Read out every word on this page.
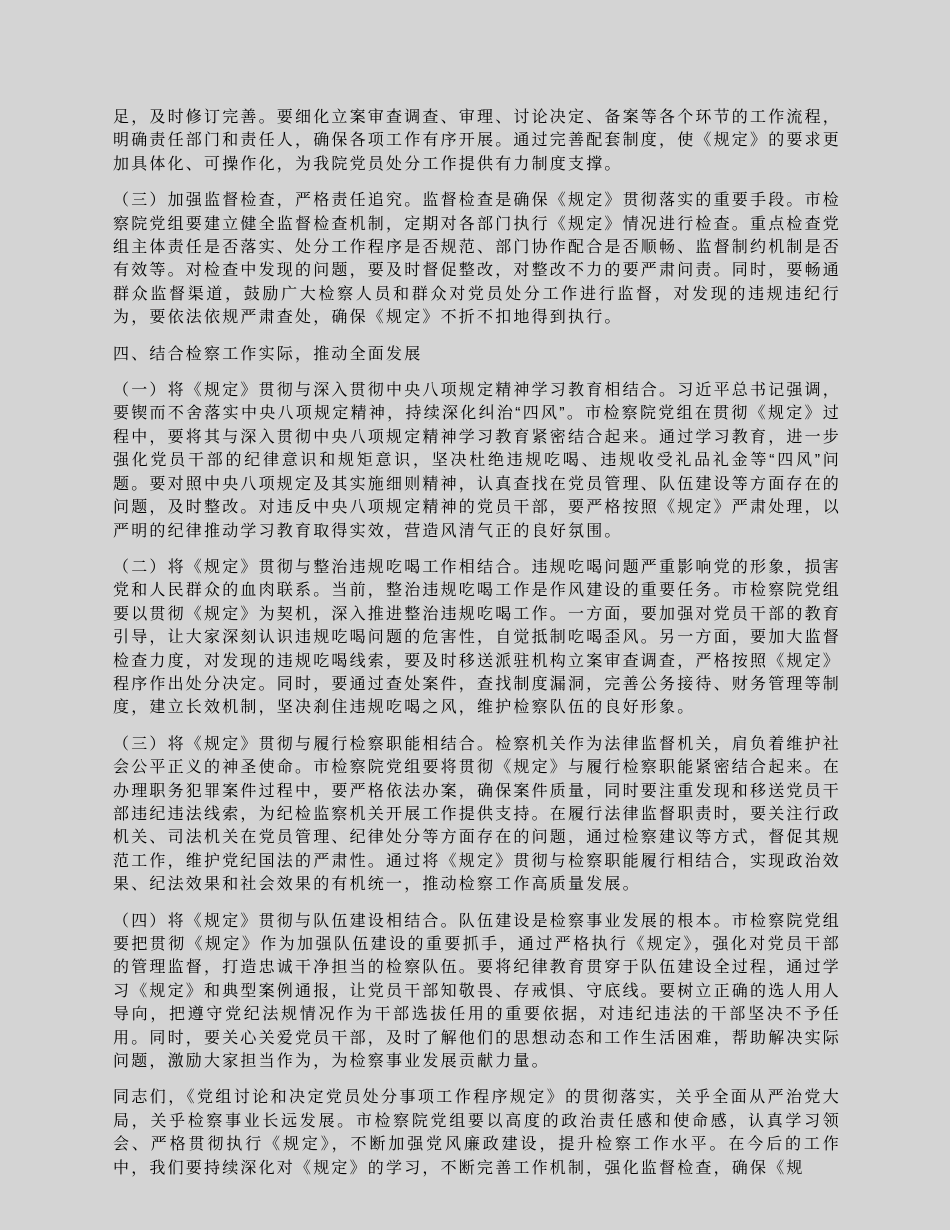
足，及时修订完善。要细化立案审查调查、审理、讨论决定、备案等各个环节的工作流程，明确责任部门和责任人，确保各项工作有序开展。通过完善配套制度，使《规定》的要求更加具体化、可操作化，为我院党员处分工作提供有力制度支撑。

（三）加强监督检查，严格责任追究。监督检查是确保《规定》贯彻落实的重要手段。市检察院党组要建立健全监督检查机制，定期对各部门执行《规定》情况进行检查。重点检查党组主体责任是否落实、处分工作程序是否规范、部门协作配合是否顺畅、监督制约机制是否有效等。对检查中发现的问题，要及时督促整改，对整改不力的要严肃问责。同时，要畅通群众监督渠道，鼓励广大检察人员和群众对党员处分工作进行监督，对发现的违规违纪行为，要依法依规严肃查处，确保《规定》不折不扣地得到执行。

四、结合检察工作实际，推动全面发展

（一）将《规定》贯彻与深入贯彻中央八项规定精神学习教育相结合。习近平总书记强调，要锲而不舍落实中央八项规定精神，持续深化纠治“四风”。市检察院党组在贯彻《规定》过程中，要将其与深入贯彻中央八项规定精神学习教育紧密结合起来。通过学习教育，进一步强化党员干部的纪律意识和规矩意识，坚决杜绝违规吃喝、违规收受礼品礼金等“四风”问题。要对照中央八项规定及其实施细则精神，认真查找在党员管理、队伍建设等方面存在的问题，及时整改。对违反中央八项规定精神的党员干部，要严格按照《规定》严肃处理，以严明的纪律推动学习教育取得实效，营造风清气正的良好氛围。

（二）将《规定》贯彻与整治违规吃喝工作相结合。违规吃喝问题严重影响党的形象，损害党和人民群众的血肉联系。当前，整治违规吃喝工作是作风建设的重要任务。市检察院党组要以贯彻《规定》为契机，深入推进整治违规吃喝工作。一方面，要加强对党员干部的教育引导，让大家深刻认识违规吃喝问题的危害性，自觉抵制吃喝歪风。另一方面，要加大监督检查力度，对发现的违规吃喝线索，要及时移送派驻机构立案审查调查，严格按照《规定》程序作出处分决定。同时，要通过查处案件，查找制度漏洞，完善公务接待、财务管理等制度，建立长效机制，坚决刹住违规吃喝之风，维护检察队伍的良好形象。

（三）将《规定》贯彻与履行检察职能相结合。检察机关作为法律监督机关，肩负着维护社会公平正义的神圣使命。市检察院党组要将贯彻《规定》与履行检察职能紧密结合起来。在办理职务犯罪案件过程中，要严格依法办案，确保案件质量，同时要注重发现和移送党员干部违纪违法线索，为纪检监察机关开展工作提供支持。在履行法律监督职责时，要关注行政机关、司法机关在党员管理、纪律处分等方面存在的问题，通过检察建议等方式，督促其规范工作，维护党纪国法的严肃性。通过将《规定》贯彻与检察职能履行相结合，实现政治效果、纪法效果和社会效果的有机统一，推动检察工作高质量发展。

（四）将《规定》贯彻与队伍建设相结合。队伍建设是检察事业发展的根本。市检察院党组要把贯彻《规定》作为加强队伍建设的重要抓手，通过严格执行《规定》，强化对党员干部的管理监督，打造忠诚干净担当的检察队伍。要将纪律教育贯穿于队伍建设全过程，通过学习《规定》和典型案例通报，让党员干部知敬畏、存戒惧、守底线。要树立正确的选人用人导向，把遵守党纪法规情况作为干部选拔任用的重要依据，对违纪违法的干部坚决不予任用。同时，要关心关爱党员干部，及时了解他们的思想动态和工作生活困难，帮助解决实际问题，激励大家担当作为，为检察事业发展贡献力量。

同志们，《党组讨论和决定党员处分事项工作程序规定》的贯彻落实，关乎全面从严治党大局，关乎检察事业长远发展。市检察院党组要以高度的政治责任感和使命感，认真学习领会、严格贯彻执行《规定》，不断加强党风廉政建设，提升检察工作水平。在今后的工作中，我们要持续深化对《规定》的学习，不断完善工作机制，强化监督检查，确保《规
